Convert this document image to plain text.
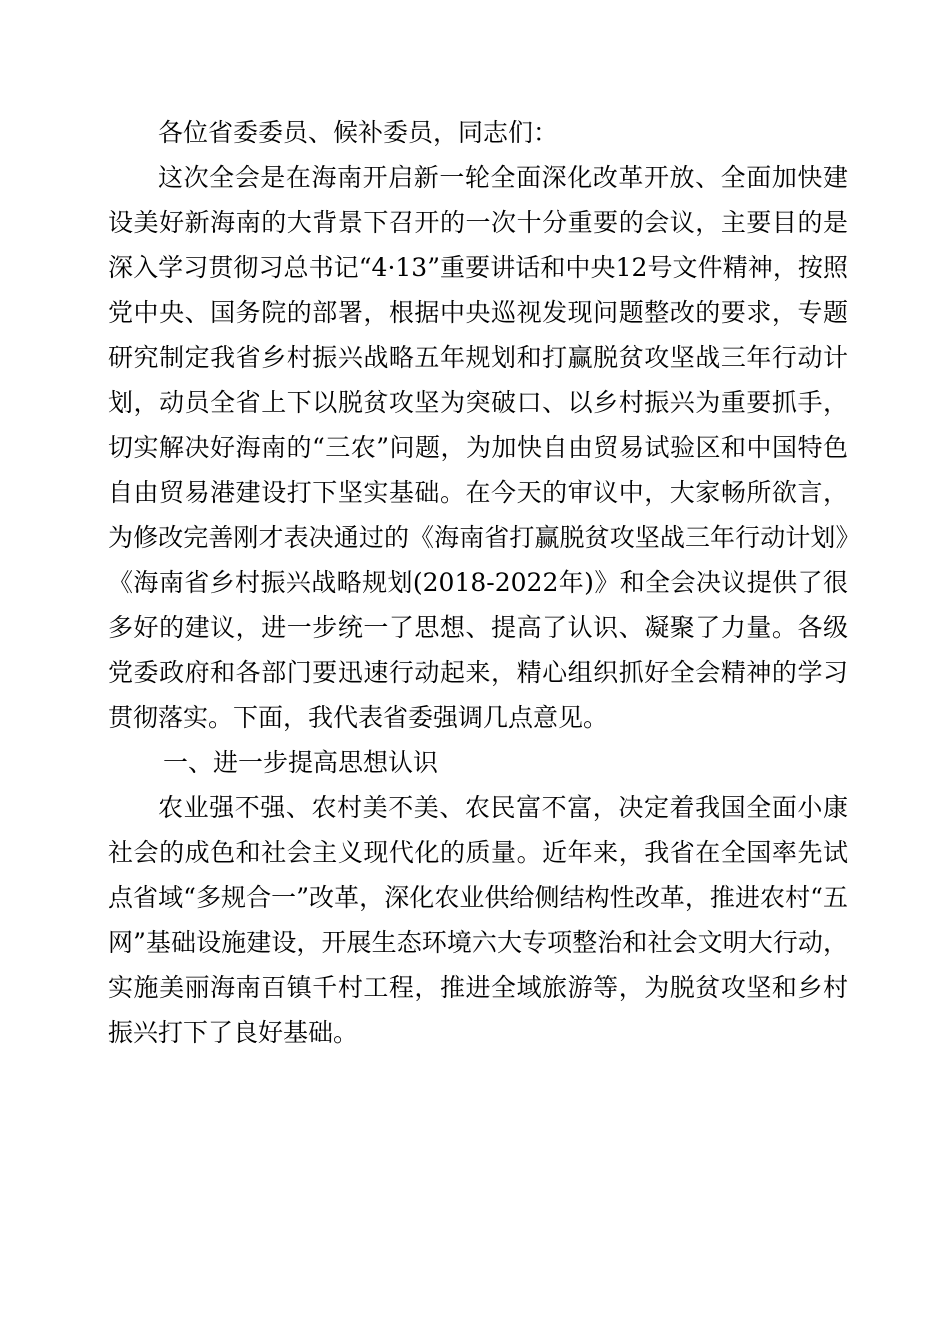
各位省委委员、候补委员，同志们：

这次全会是在海南开启新一轮全面深化改革开放、全面加快建设美好新海南的大背景下召开的一次十分重要的会议，主要目的是深入学习贯彻习总书记“4·13”重要讲话和中央12号文件精神，按照党中央、国务院的部署，根据中央巡视发现问题整改的要求，专题研究制定我省乡村振兴战略五年规划和打赢脱贫攻坚战三年行动计划，动员全省上下以脱贫攻坚为突破口、以乡村振兴为重要抓手，切实解决好海南的“三农”问题，为加快自由贸易试验区和中国特色自由贸易港建设打下坚实基础。在今天的审议中，大家畅所欲言，为修改完善刚才表决通过的《海南省打赢脱贫攻坚战三年行动计划》《海南省乡村振兴战略规划(2018-2022年)》和全会决议提供了很多好的建议，进一步统一了思想、提高了认识、凝聚了力量。各级党委政府和各部门要迅速行动起来，精心组织抓好全会精神的学习贯彻落实。下面，我代表省委强调几点意见。

一、进一步提高思想认识

农业强不强、农村美不美、农民富不富，决定着我国全面小康社会的成色和社会主义现代化的质量。近年来，我省在全国率先试点省域“多规合一”改革，深化农业供给侧结构性改革，推进农村“五网”基础设施建设，开展生态环境六大专项整治和社会文明大行动，实施美丽海南百镇千村工程，推进全域旅游等，为脱贫攻坚和乡村振兴打下了良好基础。
